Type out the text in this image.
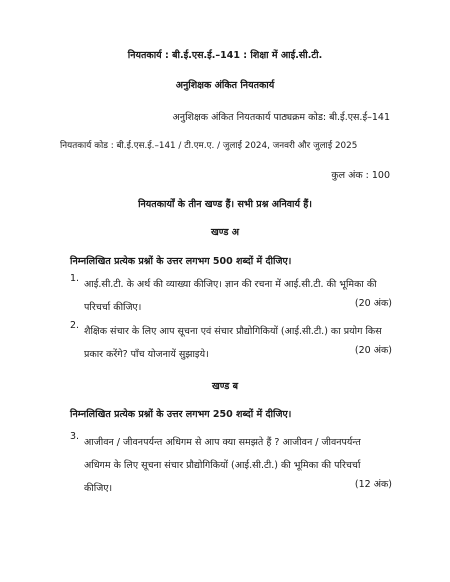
नियतकार्य : बी.ई.एस.ई.–141 : शिक्षा में आई.सी.टी.
अनुशिक्षक अंकित नियतकार्य
अनुशिक्षक अंकित नियतकार्य पाठ्यक्रम कोड: बी.ई.एस.ई–141
नियतकार्य कोड : बी.ई.एस.ई.–141 / टी.एम.ए. / जुलाई 2024, जनवरी और जुलाई 2025
कुल अंक : 100
नियतकार्यों के तीन खण्ड हैं। सभी प्रश्न अनिवार्य हैं।
खण्ड अ
निम्नलिखित प्रत्येक प्रश्नों के उत्तर लगभग 500 शब्दों में दीजिए।
1.
आई.सी.टी. के अर्थ की व्याख्या कीजिए। ज्ञान की रचना में आई.सी.टी. की भूमिका की
परिचर्चा कीजिए।	(20 अंक)
2.
शैक्षिक संचार के लिए आप सूचना एवं संचार प्रौद्योगिकियों (आई.सी.टी.) का प्रयोग किस
प्रकार करेंगे? पाँच योजनायें सुझाइये।	(20 अंक)
खण्ड ब
निम्नलिखित प्रत्येक प्रश्नों के उत्तर लगभग 250 शब्दों में दीजिए।
3.
आजीवन / जीवनपर्यन्त अधिगम से आप क्या समझते हैं ? आजीवन / जीवनपर्यन्त
अधिगम के लिए सूचना संचार प्रौद्योगिकियों (आई.सी.टी.) की भूमिका की परिचर्चा
कीजिए।	(12 अंक)
